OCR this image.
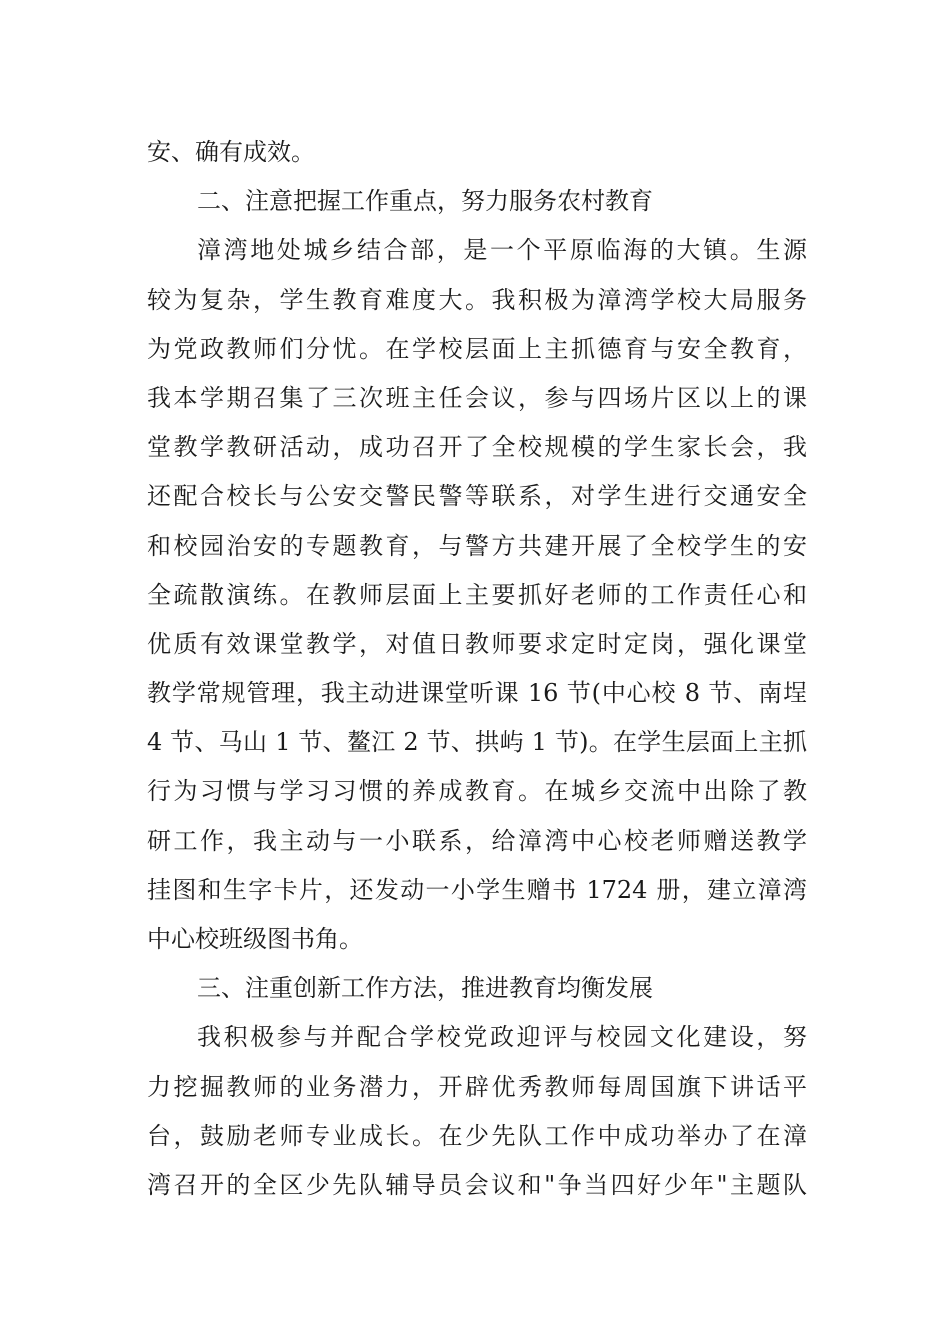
安、确有成效。
二、注意把握工作重点，努力服务农村教育
漳湾地处城乡结合部，是一个平原临海的大镇。生源
较为复杂，学生教育难度大。我积极为漳湾学校大局服务
为党政教师们分忧。在学校层面上主抓德育与安全教育，
我本学期召集了三次班主任会议，参与四场片区以上的课
堂教学教研活动，成功召开了全校规模的学生家长会，我
还配合校长与公安交警民警等联系，对学生进行交通安全
和校园治安的专题教育，与警方共建开展了全校学生的安
全疏散演练。在教师层面上主要抓好老师的工作责任心和
优质有效课堂教学，对值日教师要求定时定岗，强化课堂
教学常规管理，我主动进课堂听课 16 节(中心校 8 节、南埕
4 节、马山 1 节、鳌江 2 节、拱屿 1 节)。在学生层面上主抓
行为习惯与学习习惯的养成教育。在城乡交流中出除了教
研工作，我主动与一小联系，给漳湾中心校老师赠送教学
挂图和生字卡片，还发动一小学生赠书 1724 册，建立漳湾
中心校班级图书角。
三、注重创新工作方法，推进教育均衡发展
我积极参与并配合学校党政迎评与校园文化建设，努
力挖掘教师的业务潜力，开辟优秀教师每周国旗下讲话平
台，鼓励老师专业成长。在少先队工作中成功举办了在漳
湾召开的全区少先队辅导员会议和"争当四好少年"主题队
